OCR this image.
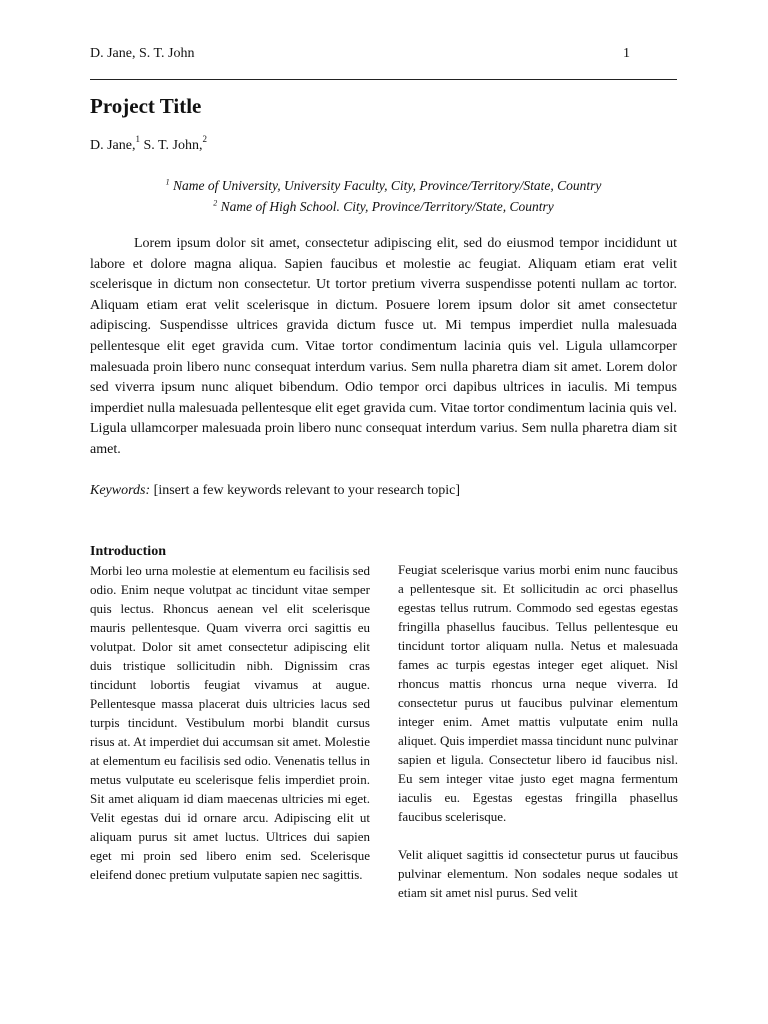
D. Jane, S. T. John	1
Project Title
D. Jane,$^1$ S. T. John,$^2$
$^1$ Name of University, University Faculty, City, Province/Territory/State, Country
$^2$ Name of High School. City, Province/Territory/State, Country

Lorem ipsum dolor sit amet, consectetur adipiscing elit, sed do eiusmod tempor incididunt ut labore et dolore magna aliqua. Sapien faucibus et molestie ac feugiat. Aliquam etiam erat velit scelerisque in dictum non consectetur. Ut tortor pretium viverra suspendisse potenti nullam ac tortor. Aliquam etiam erat velit scelerisque in dictum. Posuere lorem ipsum dolor sit amet consectetur adipiscing. Suspendisse ultrices gravida dictum fusce ut. Mi tempus imperdiet nulla malesuada pellentesque elit eget gravida cum. Vitae tortor condimentum lacinia quis vel. Ligula ullamcorper malesuada proin libero nunc consequat interdum varius. Sem nulla pharetra diam sit amet. Lorem dolor sed viverra ipsum nunc aliquet bibendum. Odio tempor orci dapibus ultrices in iaculis. Mi tempus imperdiet nulla malesuada pellentesque elit eget gravida cum. Vitae tortor condimentum lacinia quis vel. Ligula ullamcorper malesuada proin libero nunc consequat interdum varius. Sem nulla pharetra diam sit amet.

Keywords: [insert a few keywords relevant to your research topic]
Introduction

Morbi leo urna molestie at elementum eu facilisis sed odio. Enim neque volutpat ac tincidunt vitae semper quis lectus. Rhoncus aenean vel elit scelerisque mauris pellentesque. Quam viverra orci sagittis eu volutpat. Dolor sit amet consectetur adipiscing elit duis tristique sollicitudin nibh. Dignissim cras tincidunt lobortis feugiat vivamus at augue. Pellentesque massa placerat duis ultricies lacus sed turpis tincidunt. Vestibulum morbi blandit cursus risus at. At imperdiet dui accumsan sit amet. Molestie at elementum eu facilisis sed odio. Venenatis tellus in metus vulputate eu scelerisque felis imperdiet proin. Sit amet aliquam id diam maecenas ultricies mi eget. Velit egestas dui id ornare arcu. Adipiscing elit ut aliquam purus sit amet luctus. Ultrices dui sapien eget mi proin sed libero enim sed. Scelerisque eleifend donec pretium vulputate sapien nec sagittis.

Feugiat scelerisque varius morbi enim nunc faucibus a pellentesque sit. Et sollicitudin ac orci phasellus egestas tellus rutrum. Commodo sed egestas egestas fringilla phasellus faucibus. Tellus pellentesque eu tincidunt tortor aliquam nulla. Netus et malesuada fames ac turpis egestas integer eget aliquet. Nisl rhoncus mattis rhoncus urna neque viverra. Id consectetur purus ut faucibus pulvinar elementum integer enim. Amet mattis vulputate enim nulla aliquet. Quis imperdiet massa tincidunt nunc pulvinar sapien et ligula. Consectetur libero id faucibus nisl. Eu sem integer vitae justo eget magna fermentum iaculis eu. Egestas egestas fringilla phasellus faucibus scelerisque.

Velit aliquet sagittis id consectetur purus ut faucibus pulvinar elementum. Non sodales neque sodales ut etiam sit amet nisl purus. Sed velit
